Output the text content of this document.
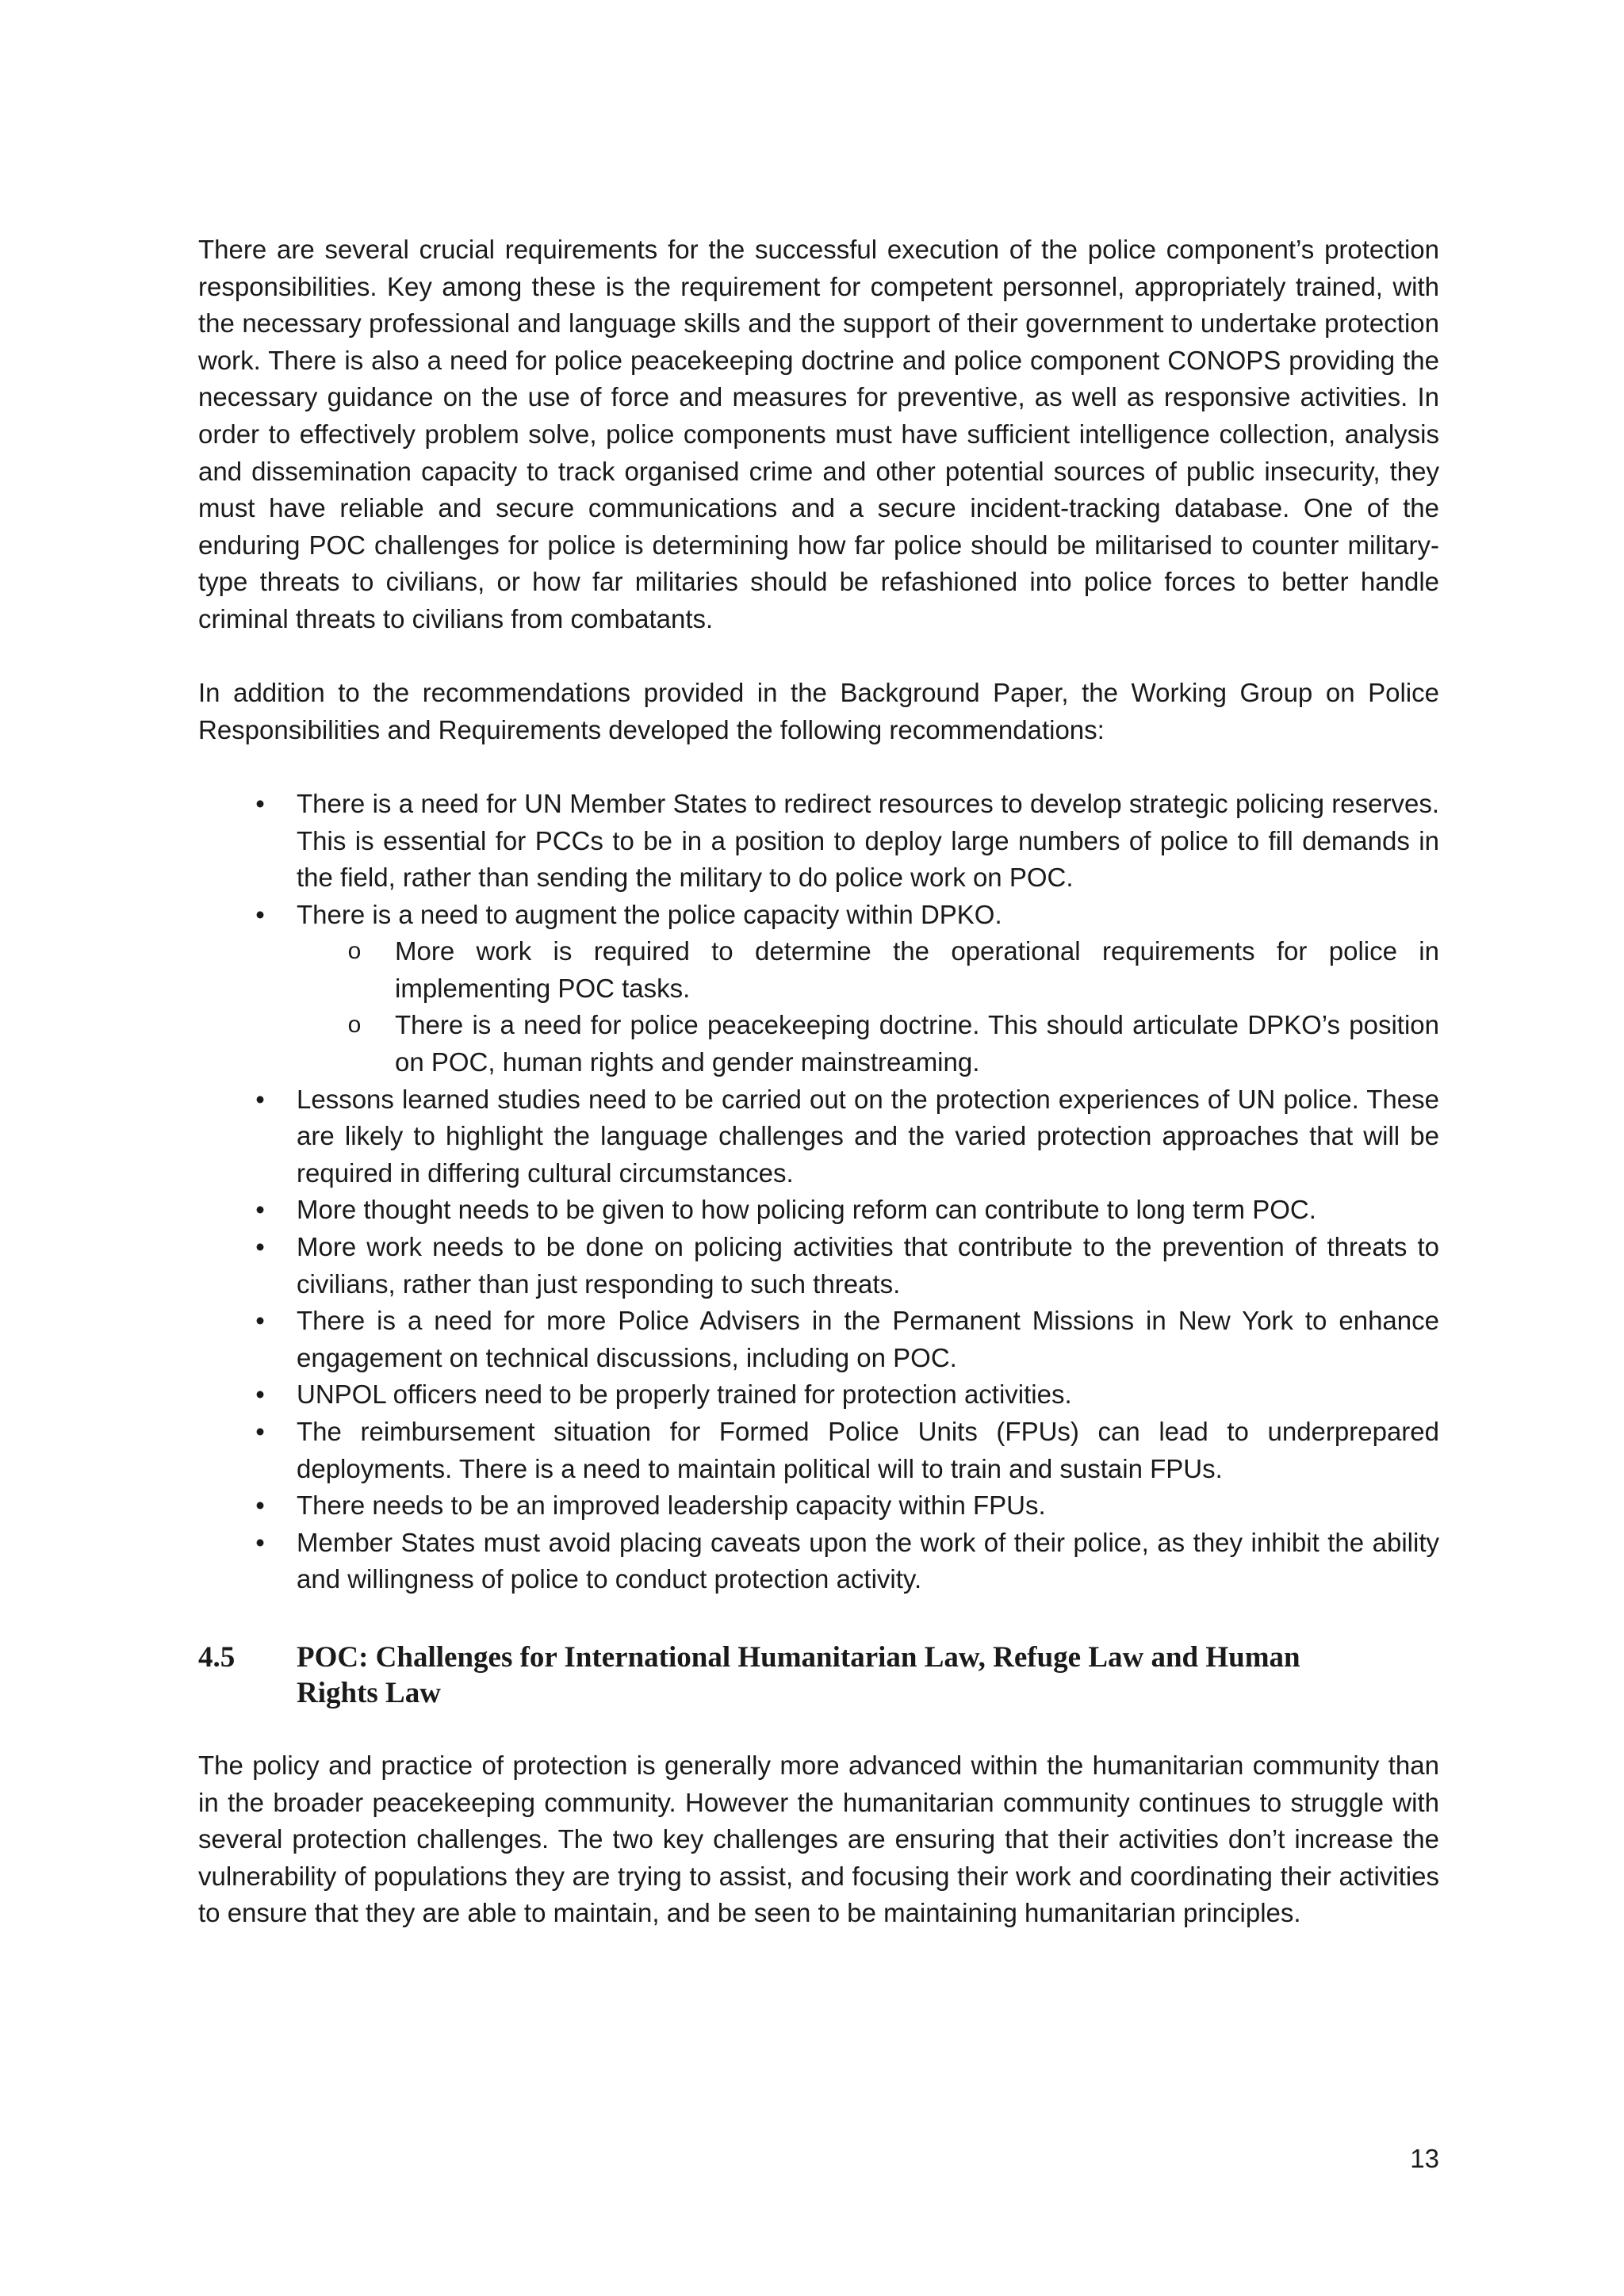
There are several crucial requirements for the successful execution of the police component’s protection responsibilities. Key among these is the requirement for competent personnel, appropriately trained, with the necessary professional and language skills and the support of their government to undertake protection work. There is also a need for police peacekeeping doctrine and police component CONOPS providing the necessary guidance on the use of force and measures for preventive, as well as responsive activities. In order to effectively problem solve, police components must have sufficient intelligence collection, analysis and dissemination capacity to track organised crime and other potential sources of public insecurity, they must have reliable and secure communications and a secure incident-tracking database. One of the enduring POC challenges for police is determining how far police should be militarised to counter military-type threats to civilians, or how far militaries should be refashioned into police forces to better handle criminal threats to civilians from combatants.

In addition to the recommendations provided in the Background Paper, the Working Group on Police Responsibilities and Requirements developed the following recommendations:

• There is a need for UN Member States to redirect resources to develop strategic policing reserves. This is essential for PCCs to be in a position to deploy large numbers of police to fill demands in the field, rather than sending the military to do police work on POC.
• There is a need to augment the police capacity within DPKO.
o More work is required to determine the operational requirements for police in implementing POC tasks.
o There is a need for police peacekeeping doctrine. This should articulate DPKO’s position on POC, human rights and gender mainstreaming.
• Lessons learned studies need to be carried out on the protection experiences of UN police. These are likely to highlight the language challenges and the varied protection approaches that will be required in differing cultural circumstances.
• More thought needs to be given to how policing reform can contribute to long term POC.
• More work needs to be done on policing activities that contribute to the prevention of threats to civilians, rather than just responding to such threats.
• There is a need for more Police Advisers in the Permanent Missions in New York to enhance engagement on technical discussions, including on POC.
• UNPOL officers need to be properly trained for protection activities.
• The reimbursement situation for Formed Police Units (FPUs) can lead to underprepared deployments. There is a need to maintain political will to train and sustain FPUs.
• There needs to be an improved leadership capacity within FPUs.
• Member States must avoid placing caveats upon the work of their police, as they inhibit the ability and willingness of police to conduct protection activity.
4.5 POC: Challenges for International Humanitarian Law, Refuge Law and Human Rights Law

The policy and practice of protection is generally more advanced within the humanitarian community than in the broader peacekeeping community. However the humanitarian community continues to struggle with several protection challenges. The two key challenges are ensuring that their activities don’t increase the vulnerability of populations they are trying to assist, and focusing their work and coordinating their activities to ensure that they are able to maintain, and be seen to be maintaining humanitarian principles.

13
